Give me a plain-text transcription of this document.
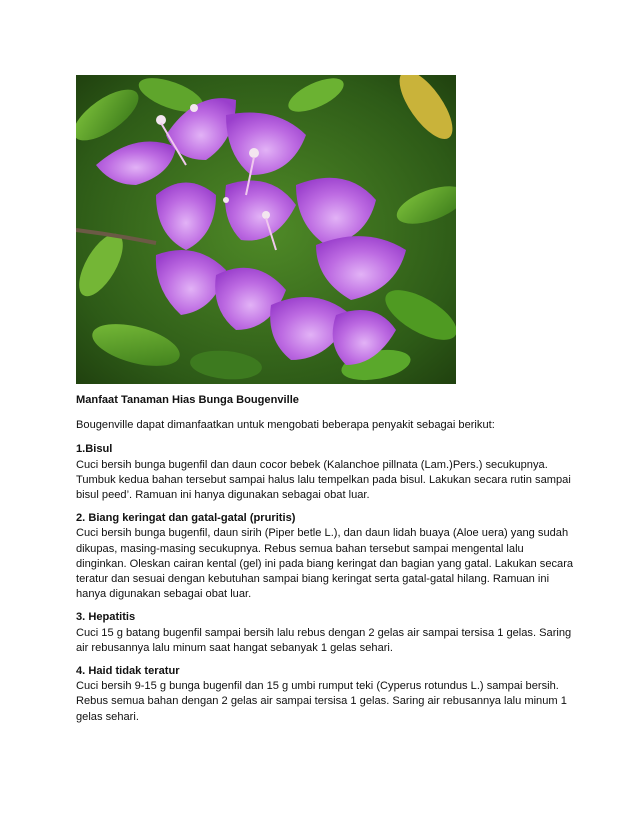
Manfaat Tanaman Hias Bunga Bougenville

Bougenville dapat dimanfaatkan untuk mengobati beberapa penyakit sebagai berikut:

1.Bisul

Cuci bersih bunga bugenfil dan daun cocor bebek (Kalanchoe pillnata (Lam.)Pers.) secukupnya. Tumbuk kedua bahan tersebut sampai halus lalu tempelkan pada bisul. Lakukan secara rutin sampai bisul peed’. Ramuan ini hanya digunakan sebagai obat luar.

2. Biang keringat dan gatal-gatal (pruritis)

Cuci bersih bunga bugenfil, daun sirih (Piper betle L.), dan daun lidah buaya (Aloe uera) yang sudah dikupas, masing-masing secukupnya. Rebus semua bahan tersebut sampai mengental lalu dinginkan. Oleskan cairan kental (gel) ini pada biang keringat dan bagian yang gatal. Lakukan secara teratur dan sesuai dengan kebutuhan sampai biang keringat serta gatal-gatal hilang. Ramuan ini hanya digunakan sebagai obat luar.

3. Hepatitis

Cuci 15 g batang bugenfil sampai bersih lalu rebus dengan 2 gelas air sampai tersisa 1 gelas. Saring air rebusannya lalu minum saat hangat sebanyak 1 gelas sehari.

4. Haid tidak teratur

Cuci bersih 9-15 g bunga bugenfil dan 15 g umbi rumput teki (Cyperus rotundus L.) sampai bersih. Rebus semua bahan dengan 2 gelas air sampai tersisa 1 gelas. Saring air rebusannya lalu minum 1 gelas sehari.
